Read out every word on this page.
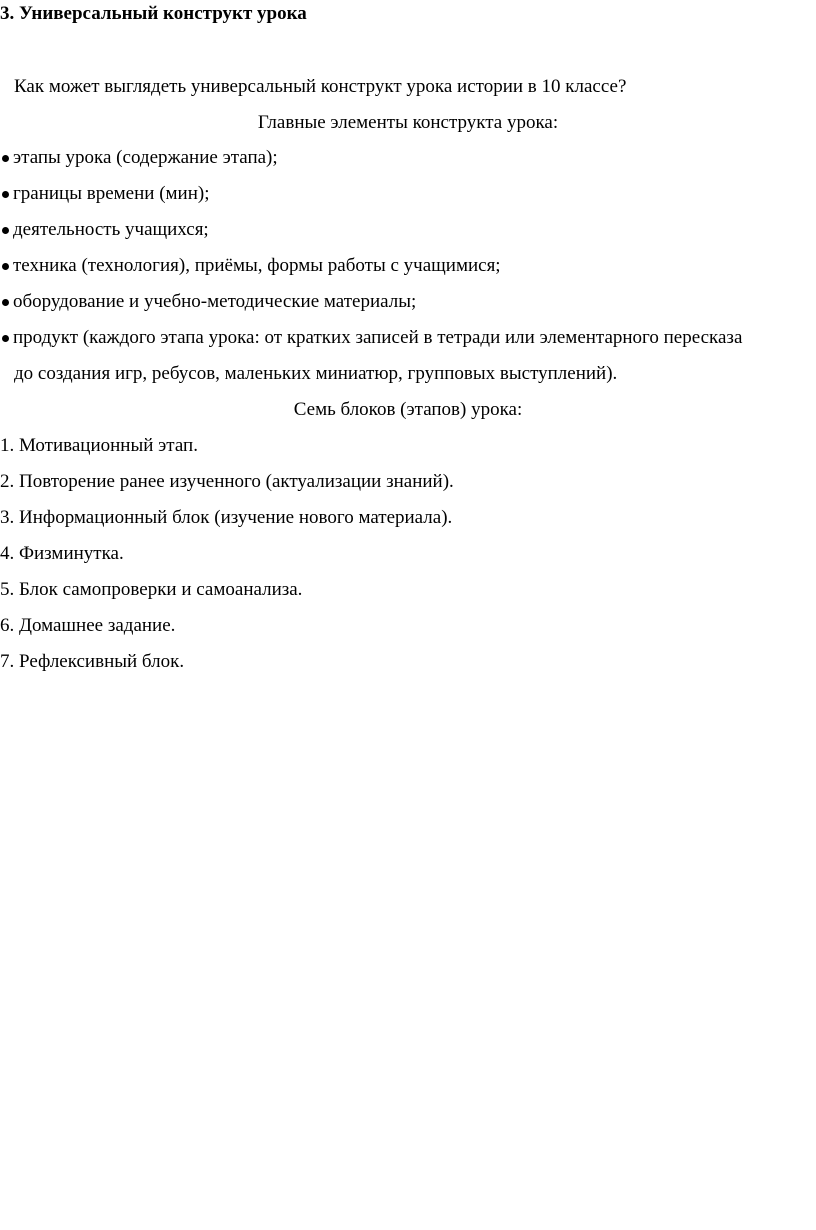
3. Универсальный конструкт урока
Как может выглядеть универсальный конструкт урока истории в 10 классе?
Главные элементы конструкта урока:
этапы урока (содержание этапа);
границы времени (мин);
деятельность учащихся;
техника (технология), приёмы, формы работы с учащимися;
оборудование и учебно-методические материалы;
продукт (каждого этапа урока: от кратких записей в тетради или элементарного пересказа
до создания игр, ребусов, маленьких миниатюр, групповых выступлений).
Семь блоков (этапов) урока:
1. Мотивационный этап.
2. Повторение ранее изученного (актуализации знаний).
3. Информационный блок (изучение нового материала).
4. Физминутка.
5. Блок самопроверки и самоанализа.
6. Домашнее задание.
7. Рефлексивный блок.
